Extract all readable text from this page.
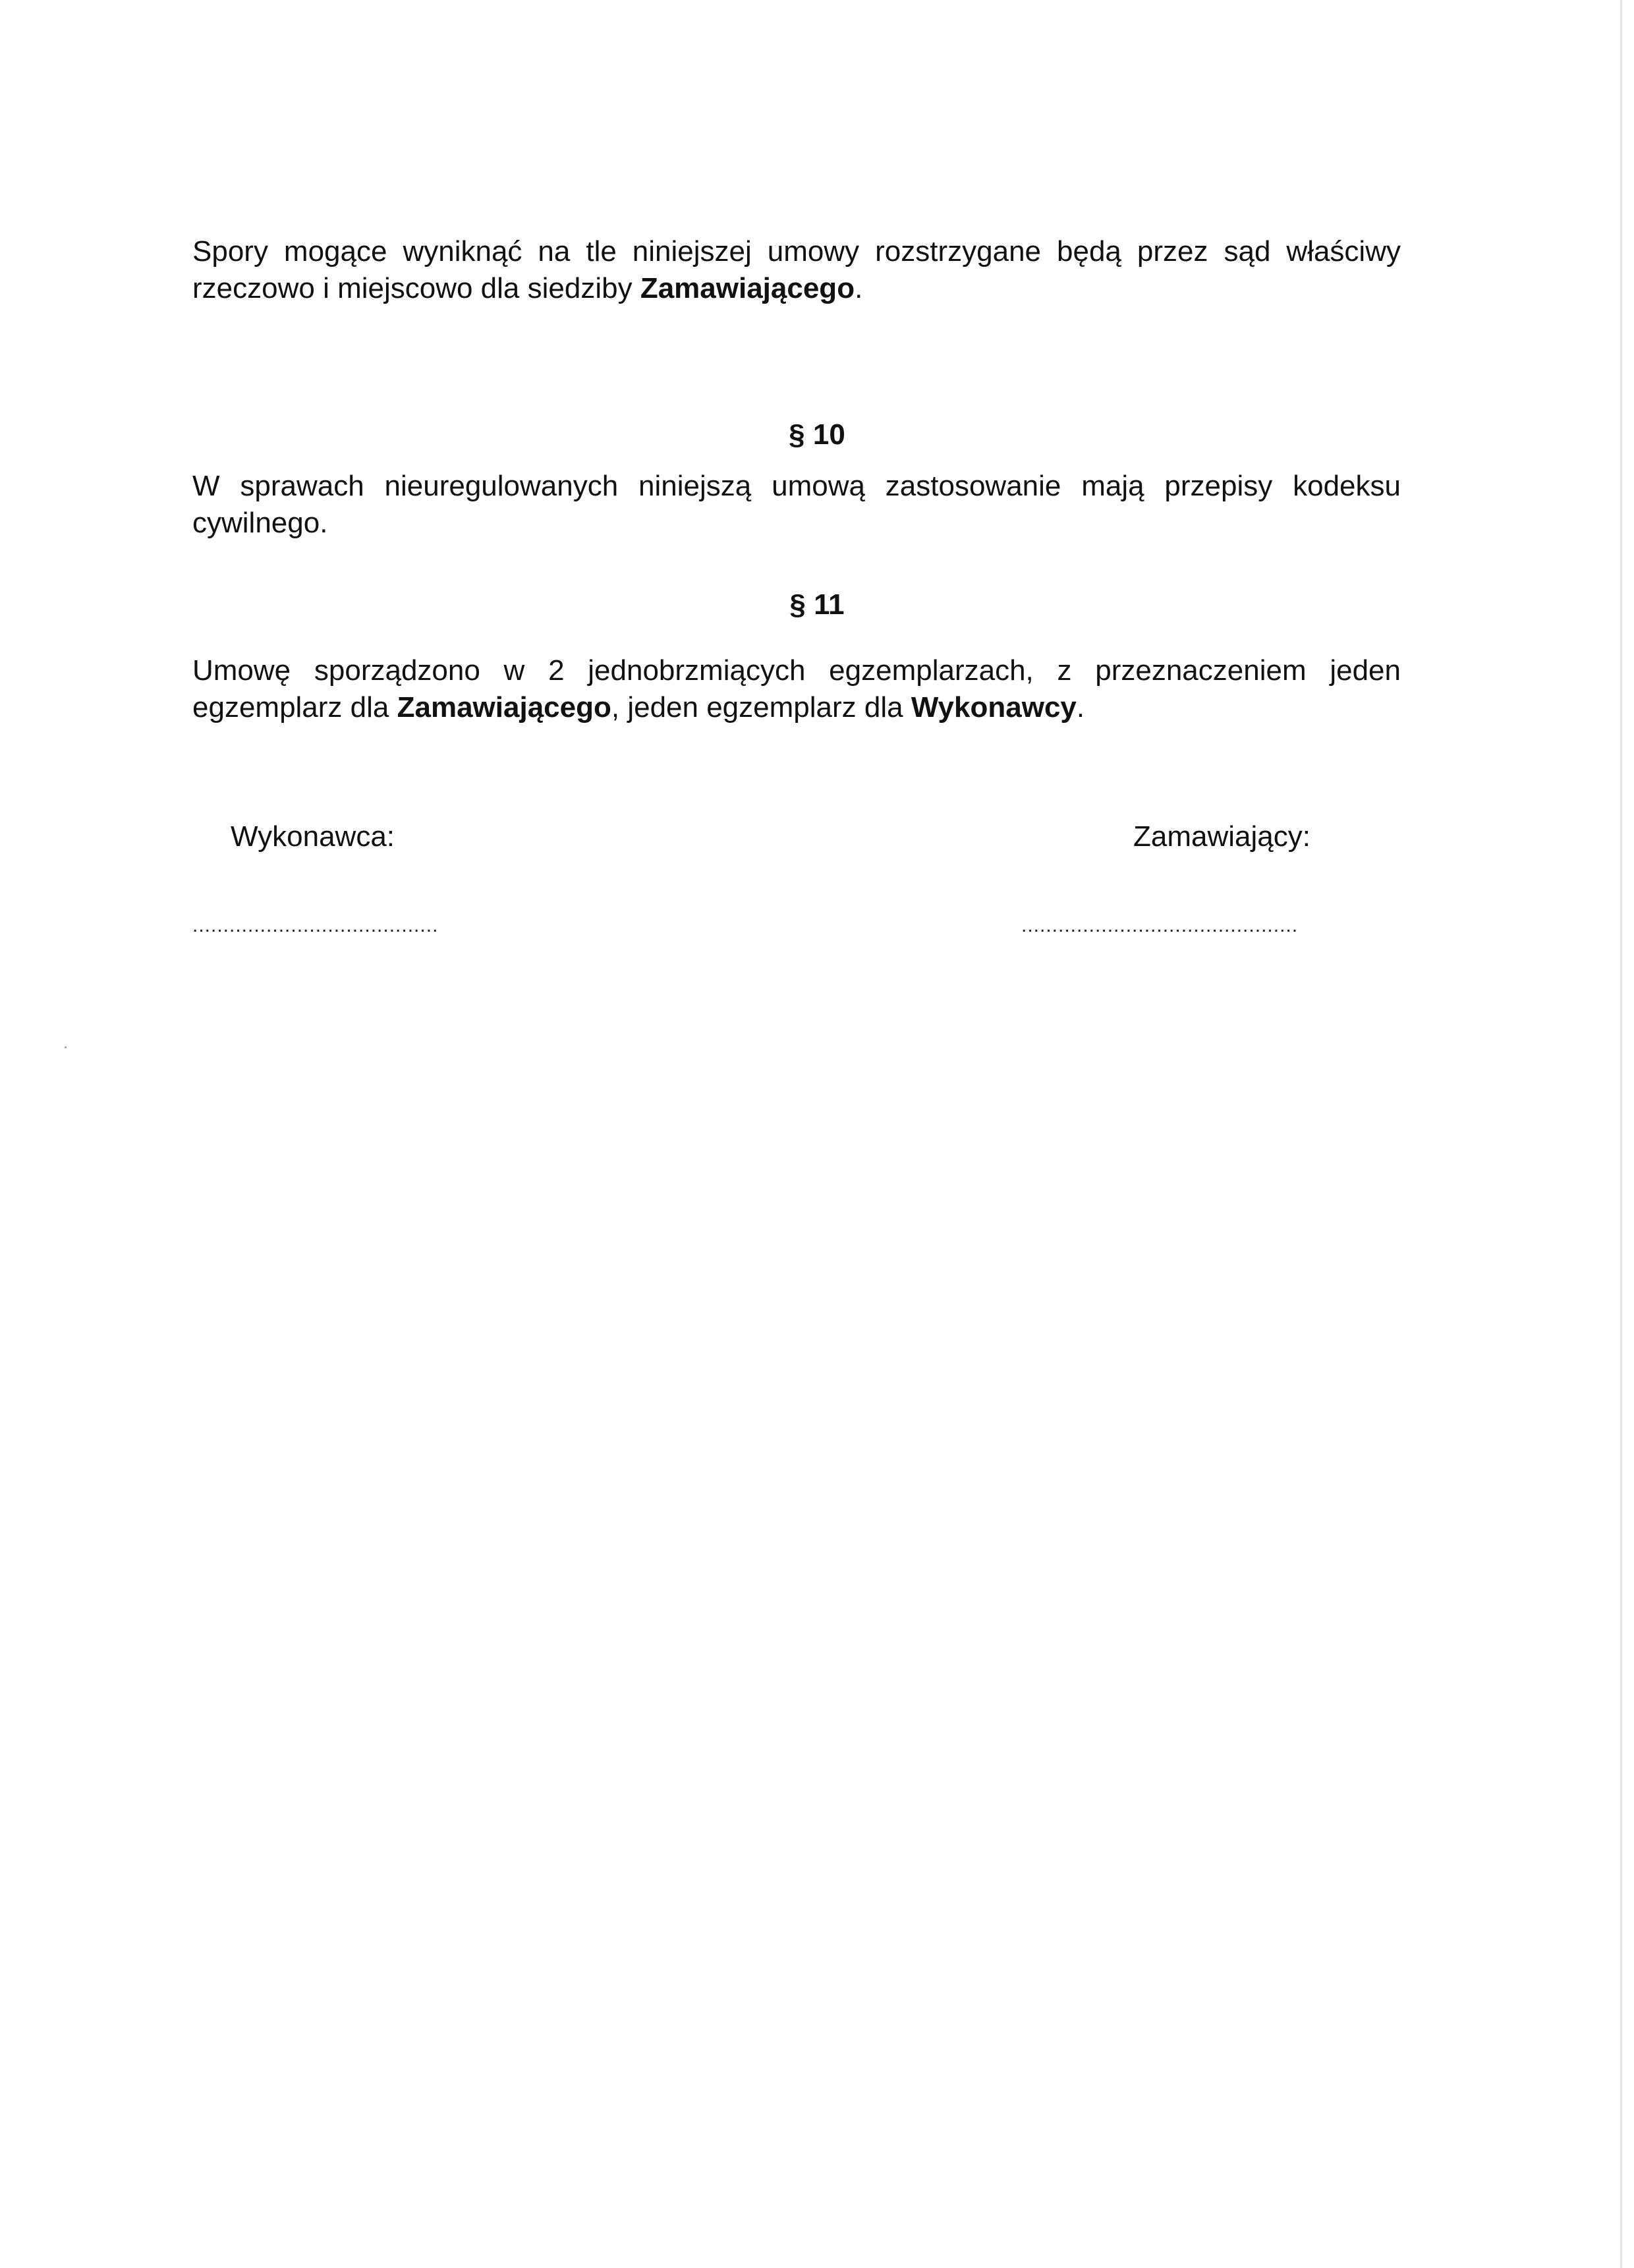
Spory mogące wyniknąć na tle niniejszej umowy rozstrzygane będą przez sąd właściwy rzeczowo i miejscowo dla siedziby Zamawiającego.

§ 10

W sprawach nieuregulowanych niniejszą umową zastosowanie mają przepisy kodeksu cywilnego.

§ 11

Umowę sporządzono w 2 jednobrzmiących egzemplarzach, z przeznaczeniem jeden egzemplarz dla Zamawiającego, jeden egzemplarz dla Wykonawcy.

Wykonawca:	Zamawiający:

........................................	.............................................
